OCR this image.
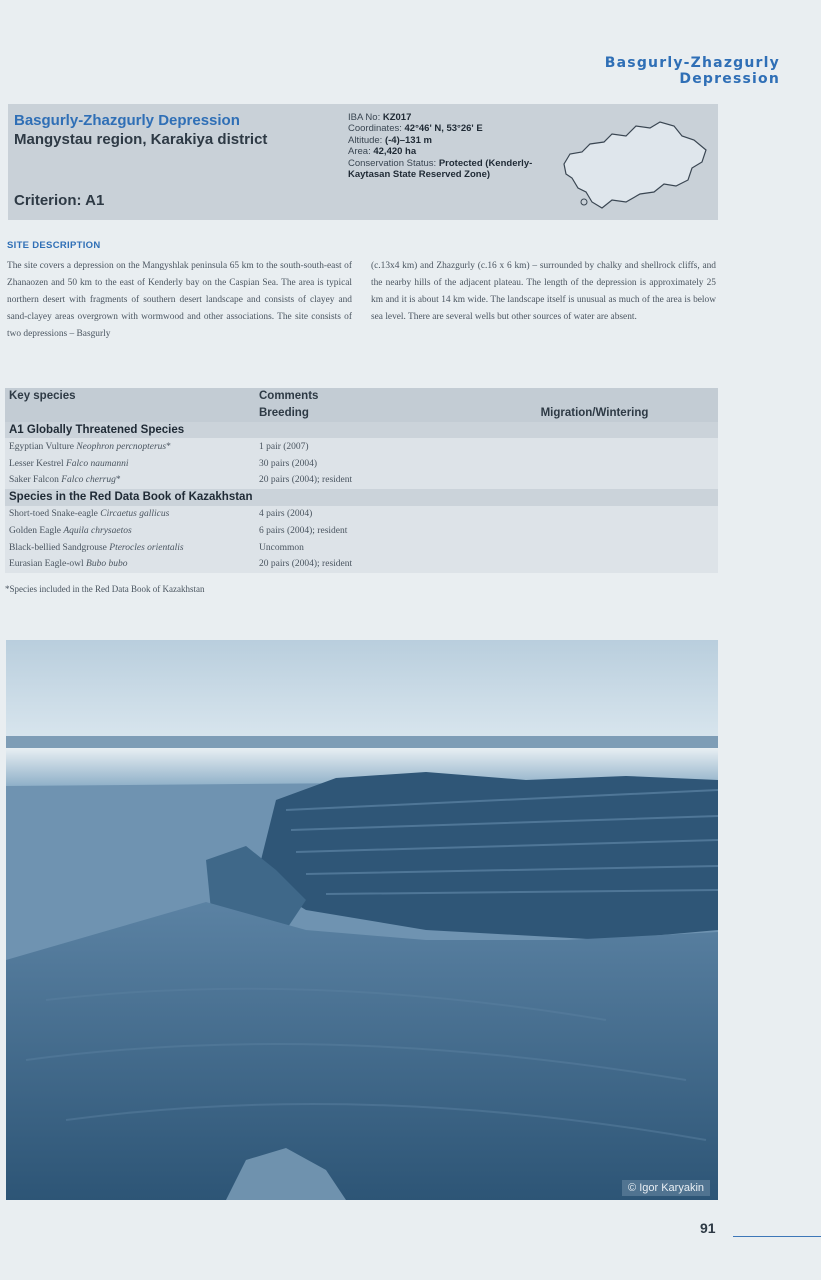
Basgurly-Zhazgurly Depression
Basgurly-Zhazgurly Depression
Mangystau region, Karakiya district
Criterion: A1
IBA No: KZ017
Coordinates: 42°46' N, 53°26' E
Altitude: (-4)–131 m
Area: 42,420 ha
Conservation Status: Protected (Kenderly-Kaytasan State Reserved Zone)
SITE DESCRIPTION

The site covers a depression on the Mangyshlak peninsula 65 km to the south-south-east of Zhanaozen and 50 km to the east of Kenderly bay on the Caspian Sea. The area is typical northern desert with fragments of southern desert landscape and consists of clayey and sand-clayey areas overgrown with wormwood and other associations. The site consists of two depressions – Basgurly

(c.13x4 km) and Zhazgurly (c.16 x 6 km) – surrounded by chalky and shellrock cliffs, and the nearby hills of the adjacent plateau. The length of the depression is approximately 25 km and it is about 14 km wide. The landscape itself is unusual as much of the area is below sea level. There are several wells but other sources of water are absent.

Key species	Comments	
	Breeding	Migration/Wintering
A1 Globally Threatened Species		
Egyptian Vulture Neophron percnopterus*	1 pair (2007)	
Lesser Kestrel Falco naumanni	30 pairs (2004)	
Saker Falcon Falco cherrug*	20 pairs (2004); resident	
Species in the Red Data Book of Kazakhstan		
Short-toed Snake-eagle Circaetus gallicus	4 pairs (2004)	
Golden Eagle Aquila chrysaetos	6 pairs (2004); resident	
Black-bellied Sandgrouse Pterocles orientalis	Uncommon	
Eurasian Eagle-owl Bubo bubo	20 pairs (2004); resident	
*Species included in the Red Data Book of Kazakhstan
© Igor Karyakin
91
